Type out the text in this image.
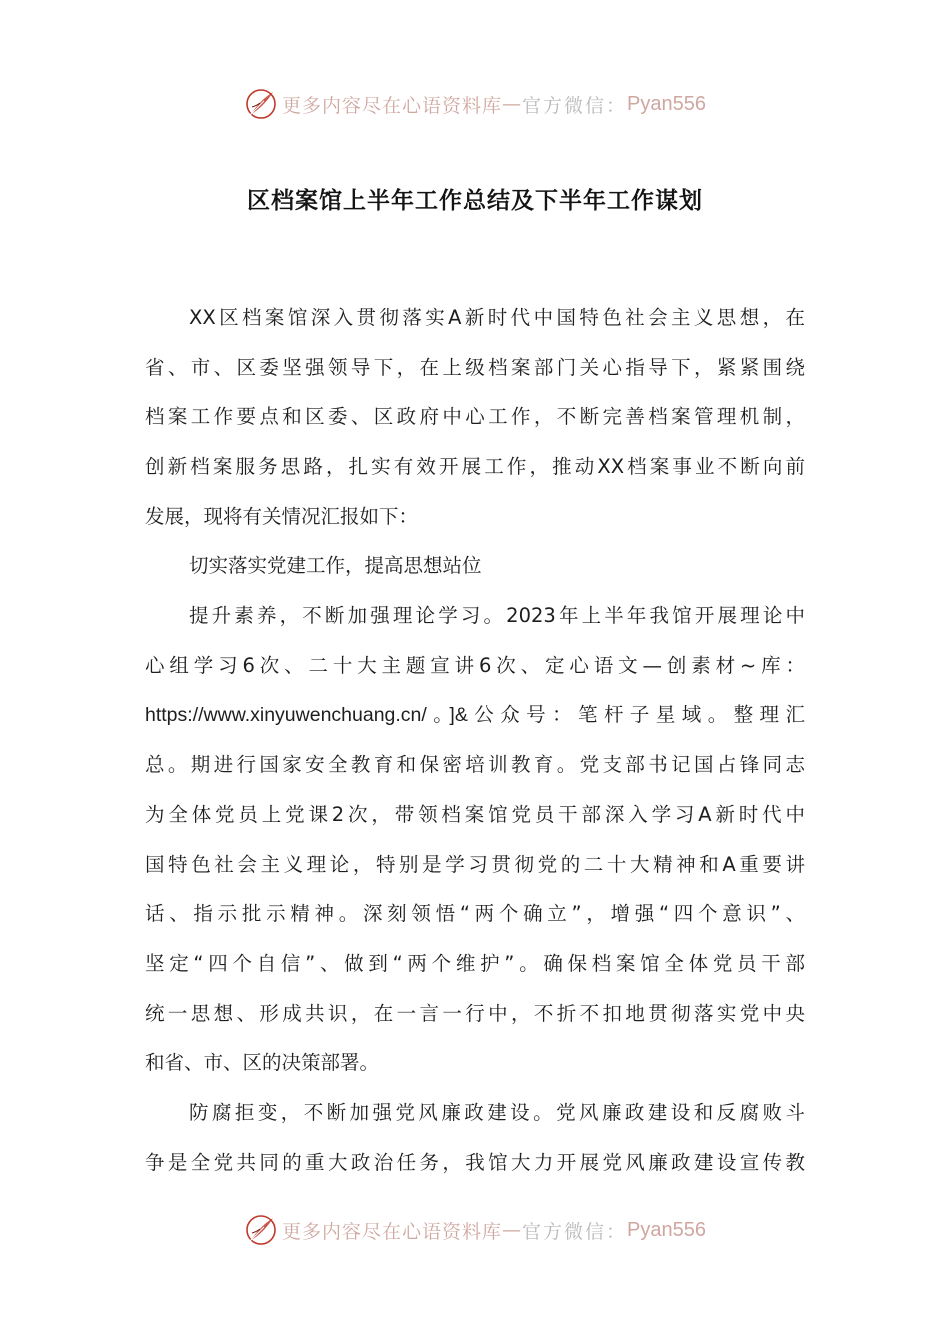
更多内容尽在心语资料库 — 官方微信： Pyan556
区档案馆上半年工作总结及下半年工作谋划
XX区档案馆深入贯彻落实A新时代中国特色社会主义思想，在
省、市、区委坚强领导下，在上级档案部门关心指导下，紧紧围绕
档案工作要点和区委、区政府中心工作，不断完善档案管理机制，
创新档案服务思路，扎实有效开展工作，推动XX档案事业不断向前
发展，现将有关情况汇报如下：
切实落实党建工作，提高思想站位
提升素养，不断加强理论学习。2023年上半年我馆开展理论中
心组学习6次、二十大主题宣讲6次、定心语文—创素材~库：
https://www.xinyuwenchuang.cn/。]&公众号：笔杆子星域。整理汇
总。期进行国家安全教育和保密培训教育。党支部书记国占锋同志
为全体党员上党课2次，带领档案馆党员干部深入学习A新时代中
国特色社会主义理论，特别是学习贯彻党的二十大精神和A重要讲
话、指示批示精神。深刻领悟“两个确立”，增强“四个意识”、
坚定“四个自信”、做到“两个维护”。确保档案馆全体党员干部
统一思想、形成共识，在一言一行中，不折不扣地贯彻落实党中央
和省、市、区的决策部署。
防腐拒变，不断加强党风廉政建设。党风廉政建设和反腐败斗
争是全党共同的重大政治任务，我馆大力开展党风廉政建设宣传教
更多内容尽在心语资料库 — 官方微信： Pyan556
